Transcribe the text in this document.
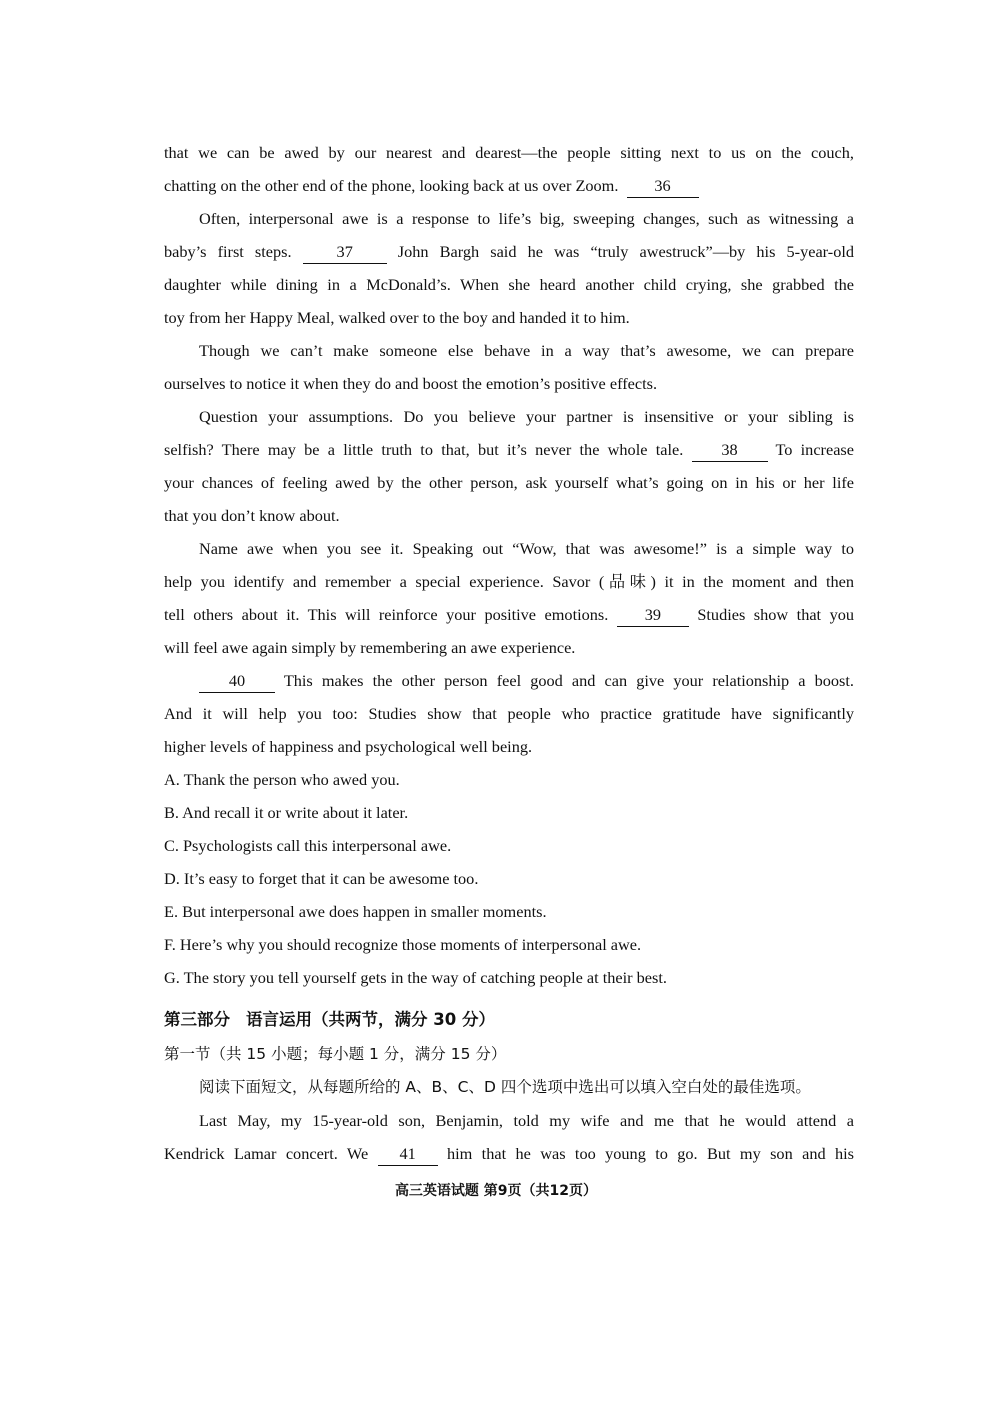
that we can be awed by our nearest and dearest—the people sitting next to us on the couch,
chatting on the other end of the phone, looking back at us over Zoom. 36
Often, interpersonal awe is a response to life’s big, sweeping changes, such as witnessing a
baby’s first steps.	37	John Bargh said he was “truly awestruck”—by his 5-year-old
daughter while dining in a McDonald’s. When she heard another child crying, she grabbed the
toy from her Happy Meal, walked over to the boy and handed it to him.
Though we can’t make someone else behave in a way that’s awesome, we can prepare
ourselves to notice it when they do and boost the emotion’s positive effects.
Question your assumptions. Do you believe your partner is insensitive or your sibling is
selfish? There may be a little truth to that, but it’s never the whole tale. 38 To increase
your chances of feeling awed by the other person, ask yourself what’s going on in his or her life
that you don’t know about.
Name awe when you see it. Speaking out “Wow, that was awesome!” is a simple way to
help you identify and remember a special experience. Savor (品味) it in the moment and then
tell others about it. This will reinforce your positive emotions. 39 Studies show that you
will feel awe again simply by remembering an awe experience.
40 This makes the other person feel good and can give your relationship a boost.
And it will help you too: Studies show that people who practice gratitude have significantly
higher levels of happiness and psychological well being.
A. Thank the person who awed you.
B. And recall it or write about it later.
C. Psychologists call this interpersonal awe.
D. It’s easy to forget that it can be awesome too.
E. But interpersonal awe does happen in smaller moments.
F. Here’s why you should recognize those moments of interpersonal awe.
G. The story you tell yourself gets in the way of catching people at their best.
第三部分 语言运用（共两节，满分 30 分）
第一节（共 15 小题；每小题 1 分，满分 15 分）
阅读下面短文，从每题所给的 A、B、C、D 四个选项中选出可以填入空白处的最佳选项。
Last May, my 15-year-old son, Benjamin, told my wife and me that he would attend a
Kendrick Lamar concert. We 41 him that he was too young to go. But my son and his
高三英语试题 第9页（共12页）
